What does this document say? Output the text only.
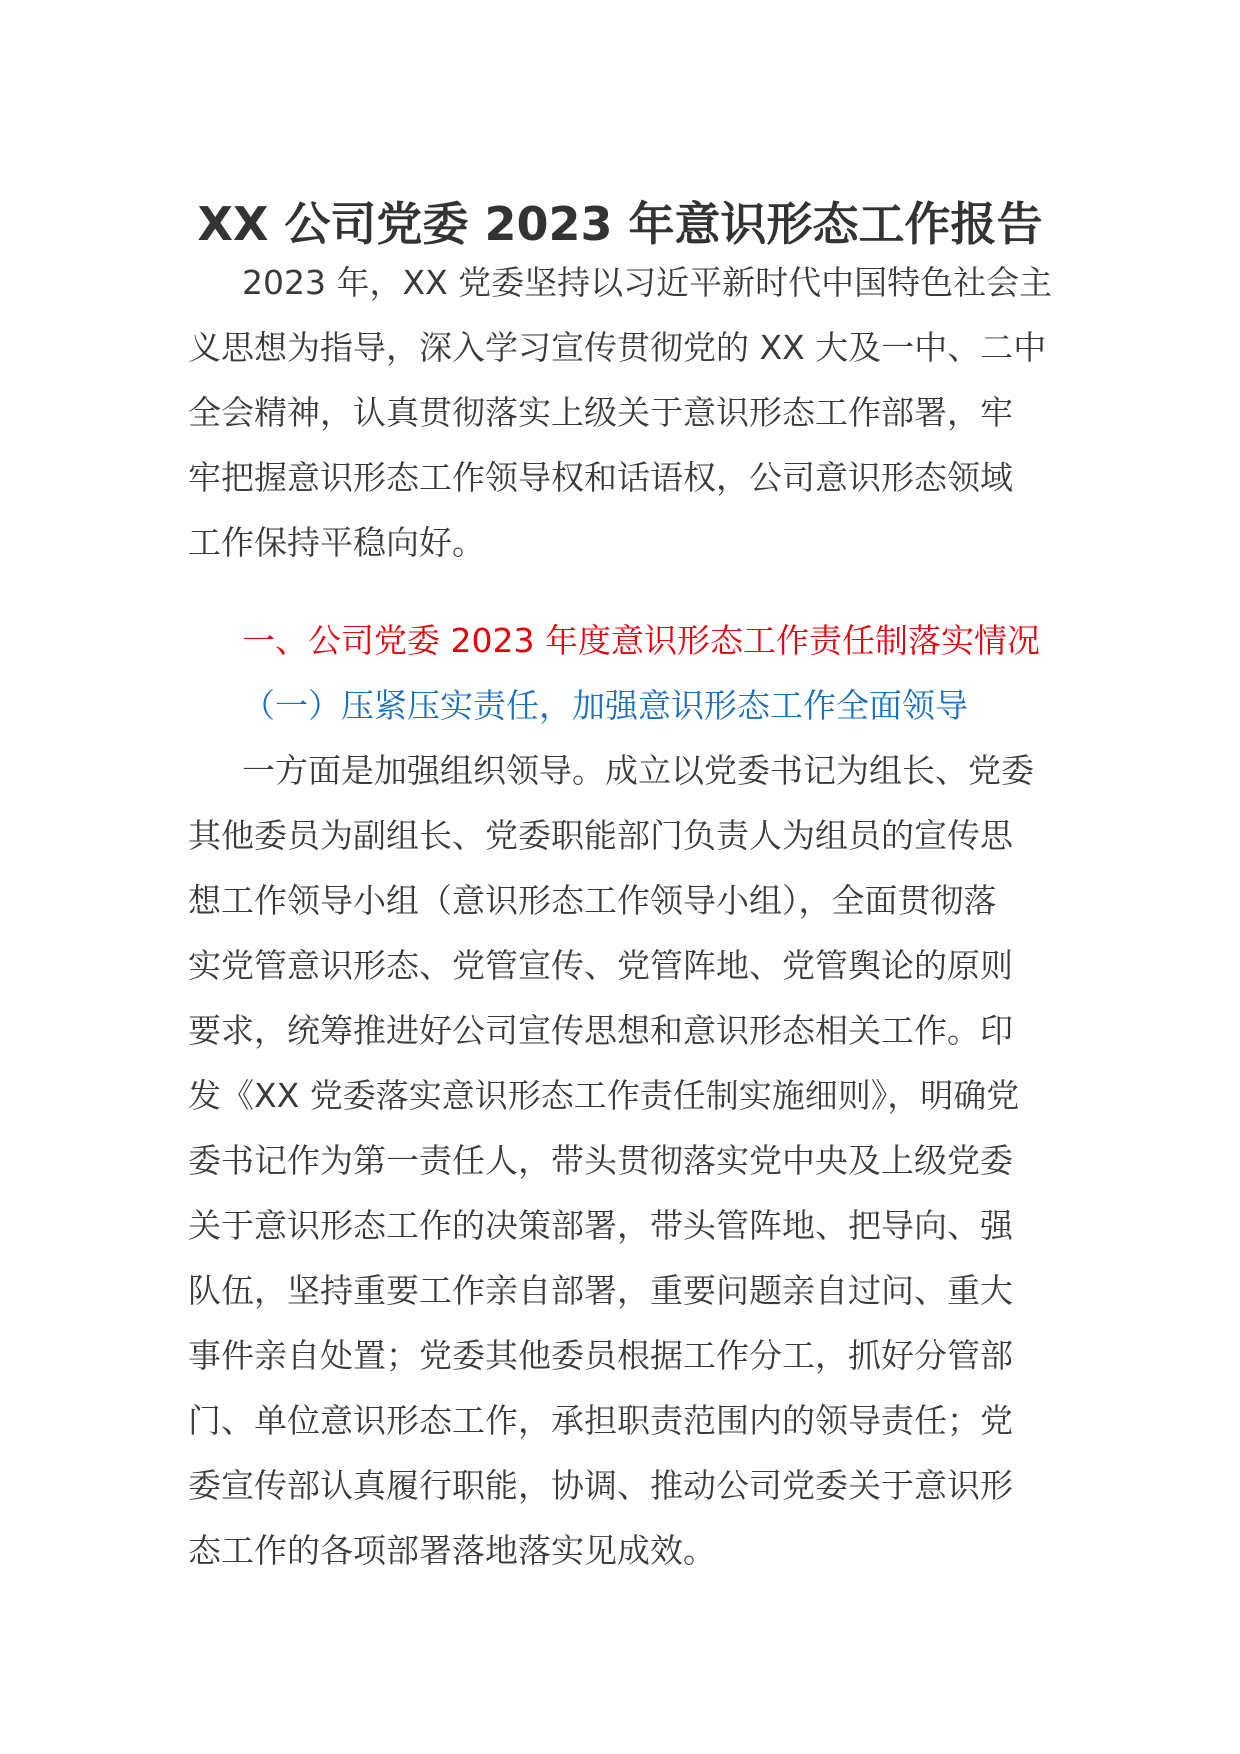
XX 公司党委 2023 年意识形态工作报告
2023 年，XX 党委坚持以习近平新时代中国特色社会主
义思想为指导，深入学习宣传贯彻党的 XX 大及一中、二中
全会精神，认真贯彻落实上级关于意识形态工作部署，牢
牢把握意识形态工作领导权和话语权，公司意识形态领域
工作保持平稳向好。
一、公司党委 2023 年度意识形态工作责任制落实情况
（一）压紧压实责任，加强意识形态工作全面领导
一方面是加强组织领导。成立以党委书记为组长、党委
其他委员为副组长、党委职能部门负责人为组员的宣传思
想工作领导小组（意识形态工作领导小组），全面贯彻落
实党管意识形态、党管宣传、党管阵地、党管舆论的原则
要求，统筹推进好公司宣传思想和意识形态相关工作。印
发《XX 党委落实意识形态工作责任制实施细则》，明确党
委书记作为第一责任人，带头贯彻落实党中央及上级党委
关于意识形态工作的决策部署，带头管阵地、把导向、强
队伍，坚持重要工作亲自部署，重要问题亲自过问、重大
事件亲自处置；党委其他委员根据工作分工，抓好分管部
门、单位意识形态工作，承担职责范围内的领导责任；党
委宣传部认真履行职能，协调、推动公司党委关于意识形
态工作的各项部署落地落实见成效。
